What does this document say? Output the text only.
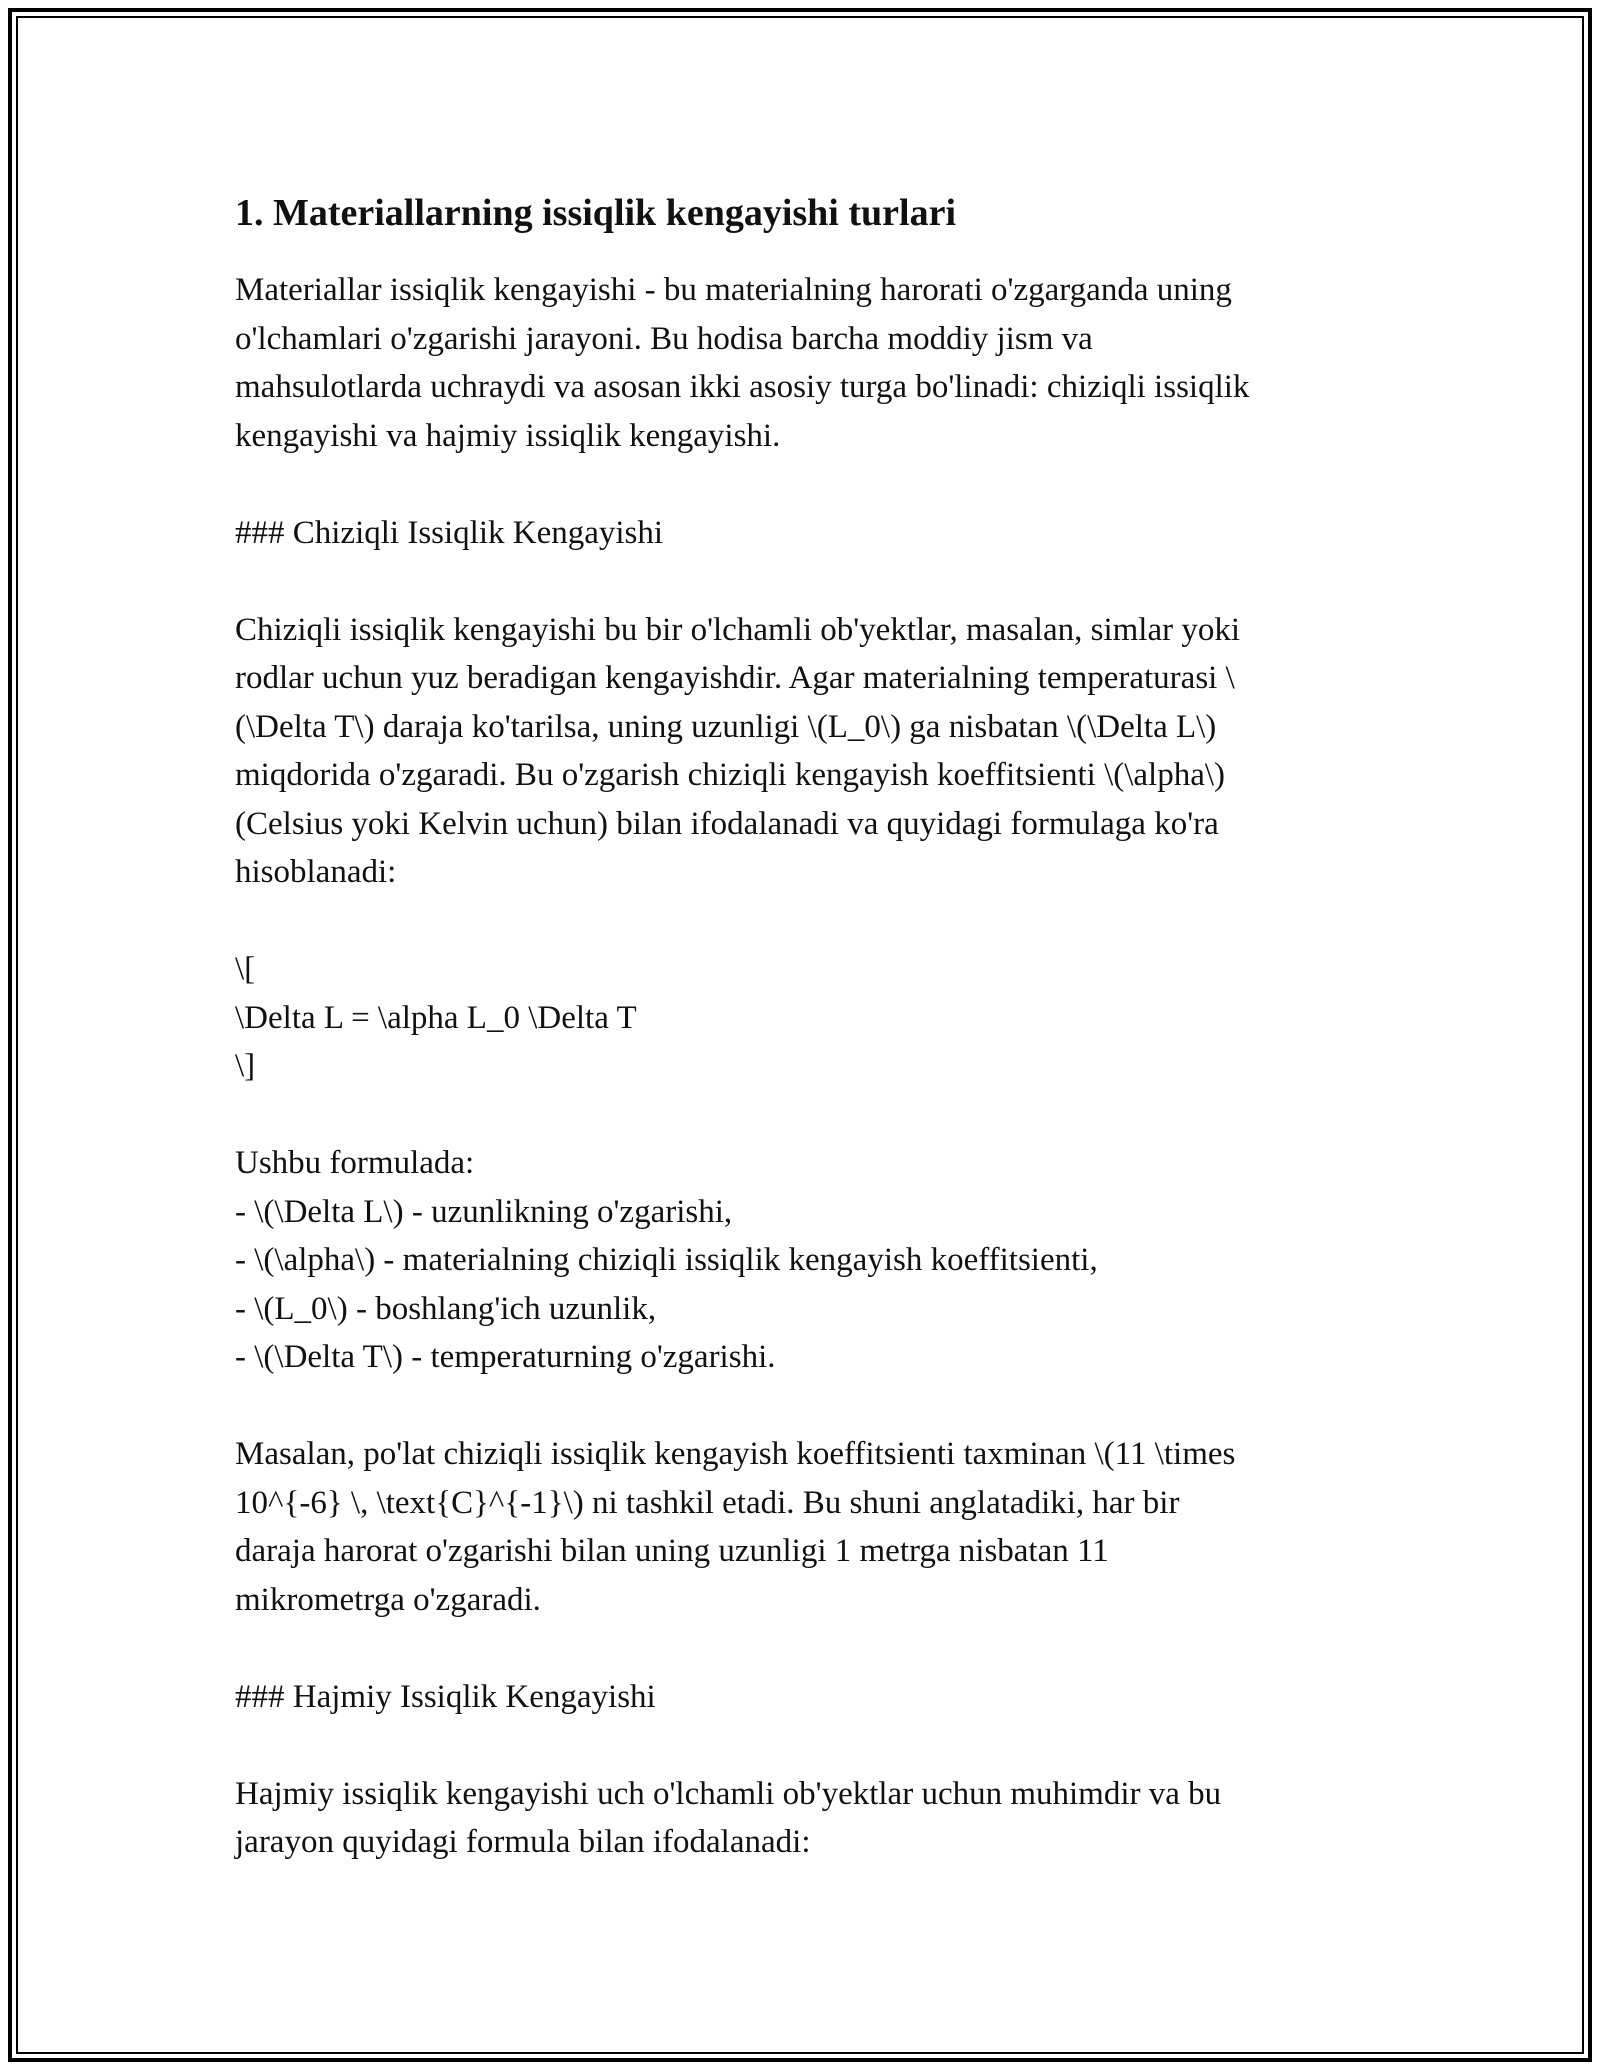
1. Materiallarning issiqlik kengayishi turlari
Materiallar issiqlik kengayishi - bu materialning harorati o'zgarganda uning
o'lchamlari o'zgarishi jarayoni. Bu hodisa barcha moddiy jism va
mahsulotlarda uchraydi va asosan ikki asosiy turga bo'linadi: chiziqli issiqlik
kengayishi va hajmiy issiqlik kengayishi.
### Chiziqli Issiqlik Kengayishi
Chiziqli issiqlik kengayishi bu bir o'lchamli ob'yektlar, masalan, simlar yoki
rodlar uchun yuz beradigan kengayishdir. Agar materialning temperaturasi \
(\Delta T\) daraja ko'tarilsa, uning uzunligi \(L_0\) ga nisbatan \(\Delta L\)
miqdorida o'zgaradi. Bu o'zgarish chiziqli kengayish koeffitsienti \(\alpha\)
(Celsius yoki Kelvin uchun) bilan ifodalanadi va quyidagi formulaga ko'ra
hisoblanadi:
\[
\Delta L = \alpha L_0 \Delta T
\]
Ushbu formulada:
- \(\Delta L\) - uzunlikning o'zgarishi,
- \(\alpha\) - materialning chiziqli issiqlik kengayish koeffitsienti,
- \(L_0\) - boshlang'ich uzunlik,
- \(\Delta T\) - temperaturning o'zgarishi.
Masalan, po'lat chiziqli issiqlik kengayish koeffitsienti taxminan \(11 \times
10^{-6} \, \text{C}^{-1}\) ni tashkil etadi. Bu shuni anglatadiki, har bir
daraja harorat o'zgarishi bilan uning uzunligi 1 metrga nisbatan 11
mikrometrga o'zgaradi.
### Hajmiy Issiqlik Kengayishi
Hajmiy issiqlik kengayishi uch o'lchamli ob'yektlar uchun muhimdir va bu
jarayon quyidagi formula bilan ifodalanadi:
